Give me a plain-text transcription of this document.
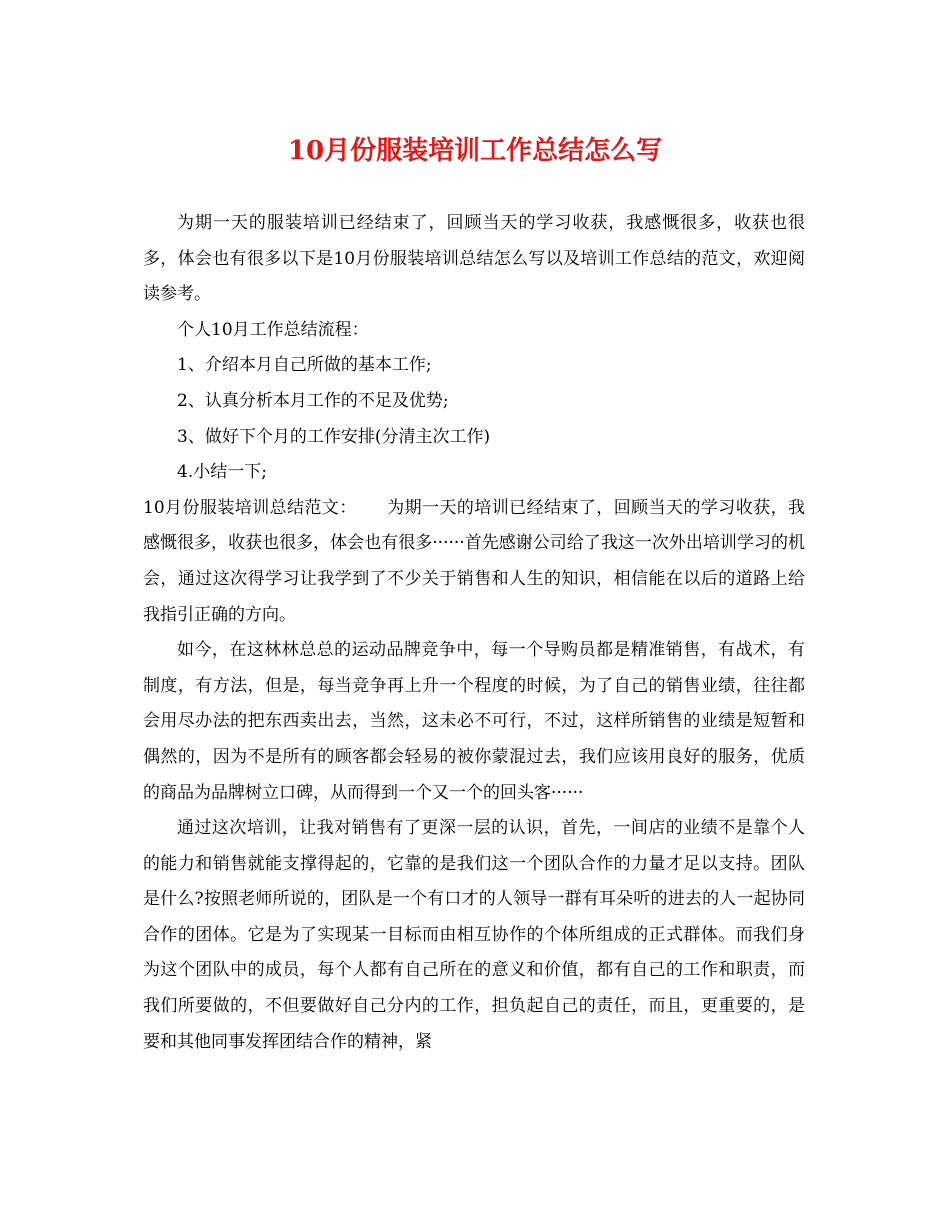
10月份服装培训工作总结怎么写

为期一天的服装培训已经结束了，回顾当天的学习收获，我感慨很多，收获也很多，体会也有很多以下是10月份服装培训总结怎么写以及培训工作总结的范文，欢迎阅读参考。

个人10月工作总结流程：

1、介绍本月自己所做的基本工作;

2、认真分析本月工作的不足及优势;

3、做好下个月的工作安排(分清主次工作)

4.小结一下;

10月份服装培训总结范文： 为期一天的培训已经结束了，回顾当天的学习收获，我感慨很多，收获也很多，体会也有很多······首先感谢公司给了我这一次外出培训学习的机会，通过这次得学习让我学到了不少关于销售和人生的知识，相信能在以后的道路上给我指引正确的方向。

如今，在这林林总总的运动品牌竞争中，每一个导购员都是精准销售，有战术，有制度，有方法，但是，每当竞争再上升一个程度的时候，为了自己的销售业绩，往往都会用尽办法的把东西卖出去，当然，这未必不可行，不过，这样所销售的业绩是短暂和偶然的，因为不是所有的顾客都会轻易的被你蒙混过去，我们应该用良好的服务，优质的商品为品牌树立口碑，从而得到一个又一个的回头客······

通过这次培训，让我对销售有了更深一层的认识，首先，一间店的业绩不是靠个人的能力和销售就能支撑得起的，它靠的是我们这一个团队合作的力量才足以支持。团队是什么?按照老师所说的，团队是一个有口才的人领导一群有耳朵听的进去的人一起协同合作的团体。它是为了实现某一目标而由相互协作的个体所组成的正式群体。而我们身为这个团队中的成员，每个人都有自己所在的意义和价值，都有自己的工作和职责，而我们所要做的，不但要做好自己分内的工作，担负起自己的责任，而且，更重要的，是要和其他同事发挥团结合作的精神，紧
